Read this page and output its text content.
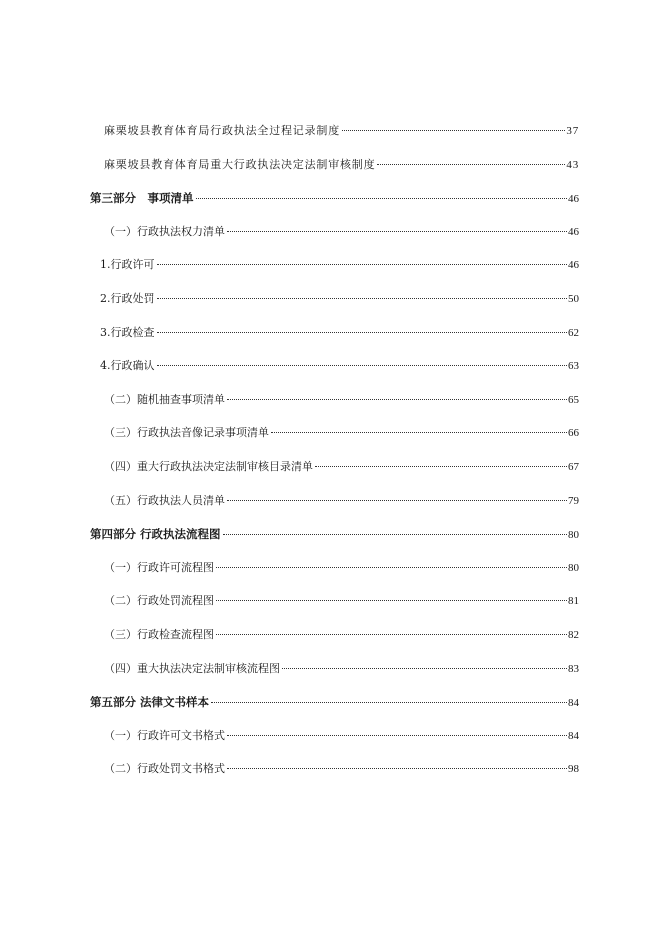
麻栗坡县教育体育局行政执法全过程记录制度	37
麻栗坡县教育体育局重大行政执法决定法制审核制度	43
第三部分　事项清单	46
（一）行政执法权力清单	46
1.行政许可	46
2.行政处罚	50
3.行政检查	62
4.行政确认	63
（二）随机抽查事项清单	65
（三）行政执法音像记录事项清单	66
（四）重大行政执法决定法制审核目录清单	67
（五）行政执法人员清单	79
第四部分 行政执法流程图	80
（一）行政许可流程图	80
（二）行政处罚流程图	81
（三）行政检查流程图	82
（四）重大执法决定法制审核流程图	83
第五部分 法律文书样本	84
（一）行政许可文书格式	84
（二）行政处罚文书格式	98
